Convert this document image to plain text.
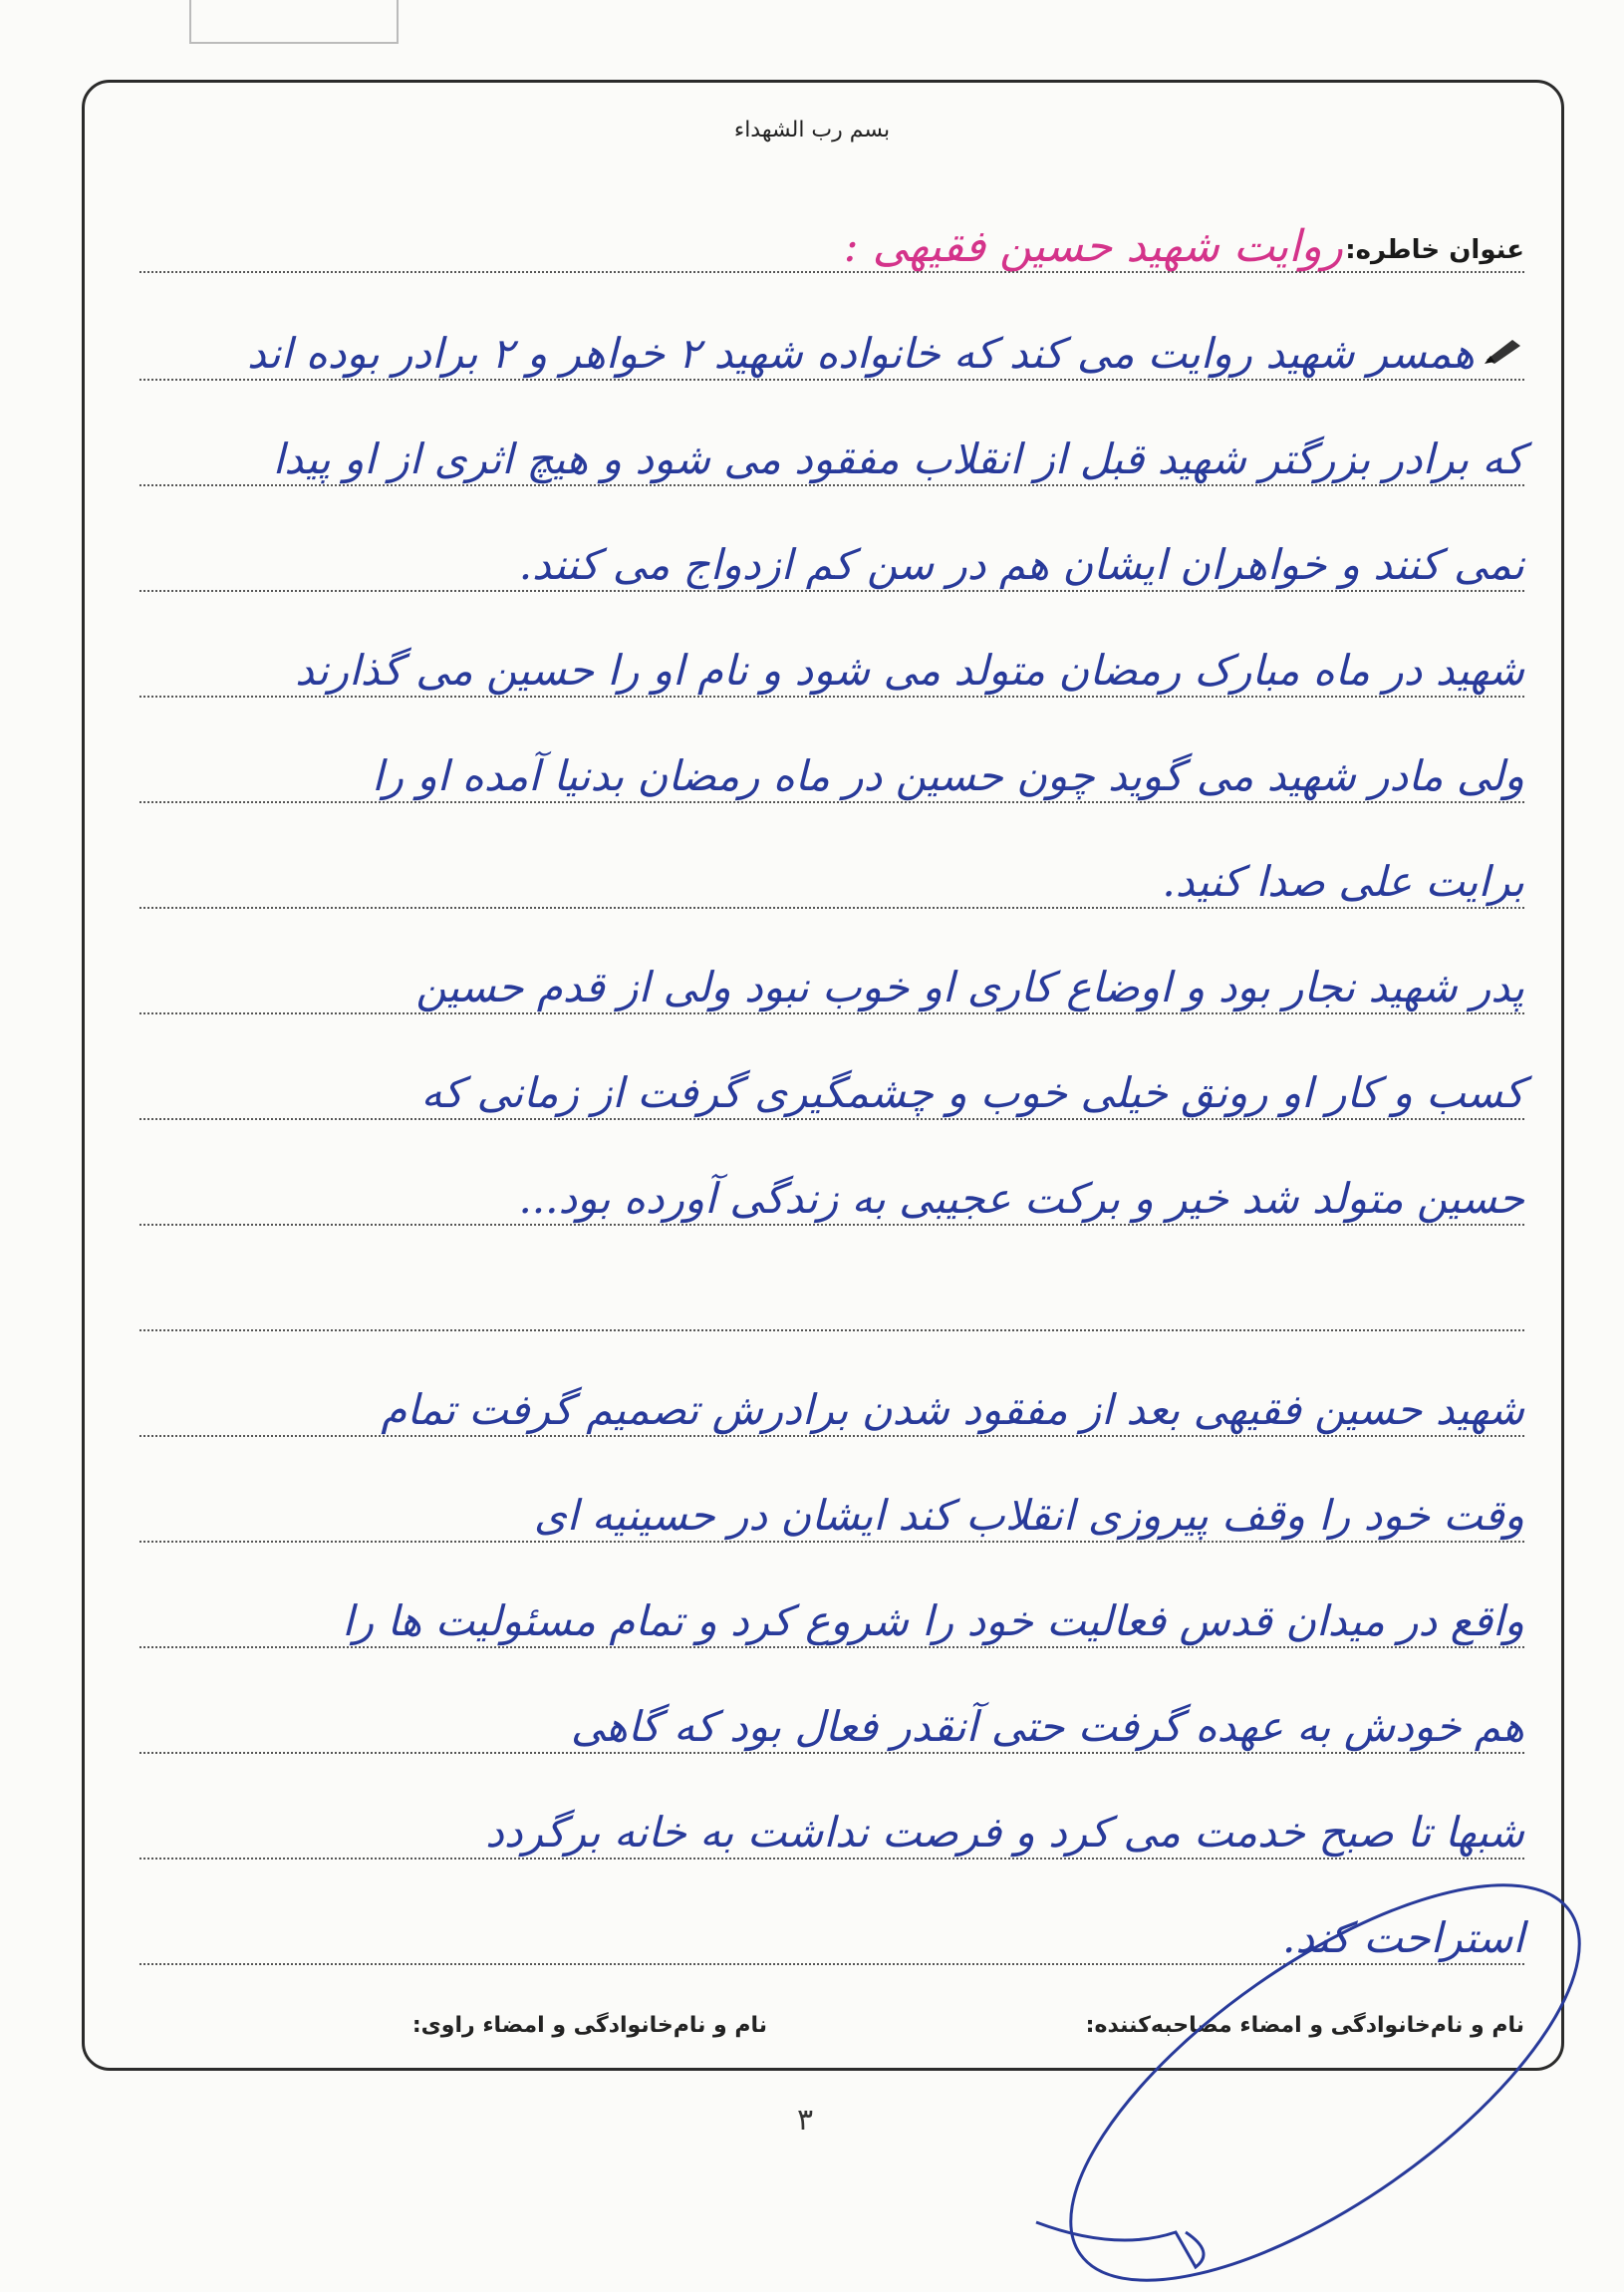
بسم رب الشهداء
عنوان خاطره:
روایت شهید حسین فقیهی :
همسر شهید روایت می کند که خانواده شهید ۲ خواهر و ۲ برادر بوده اند
که برادر بزرگتر شهید قبل از انقلاب مفقود می شود و هیچ اثری از او پیدا
نمی کنند و خواهران ایشان هم در سن کم ازدواج می کنند.
شهید در ماه مبارک رمضان متولد می شود و نام او را حسین می گذارند
ولی مادر شهید می گوید چون حسین در ماه رمضان بدنیا آمده او را
برایت علی صدا کنید.
پدر شهید نجار بود و اوضاع کاری او خوب نبود ولی از قدم حسین
کسب و کار او رونق خیلی خوب و چشمگیری گرفت از زمانی که
حسین متولد شد خیر و برکت عجیبی به زندگی آورده بود...
شهید حسین فقیهی بعد از مفقود شدن برادرش تصمیم گرفت تمام
وقت خود را وقف پیروزی انقلاب کند ایشان در حسینیه ای
واقع در میدان قدس فعالیت خود را شروع کرد و تمام مسئولیت ها را
هم خودش به عهده گرفت حتی آنقدر فعال بود که گاهی
شبها تا صبح خدمت می کرد و فرصت نداشت به خانه برگردد
استراحت کند.
نام و نام‌خانوادگی و امضاء مصاحبه‌کننده:
نام و نام‌خانوادگی و امضاء راوی:
۳
